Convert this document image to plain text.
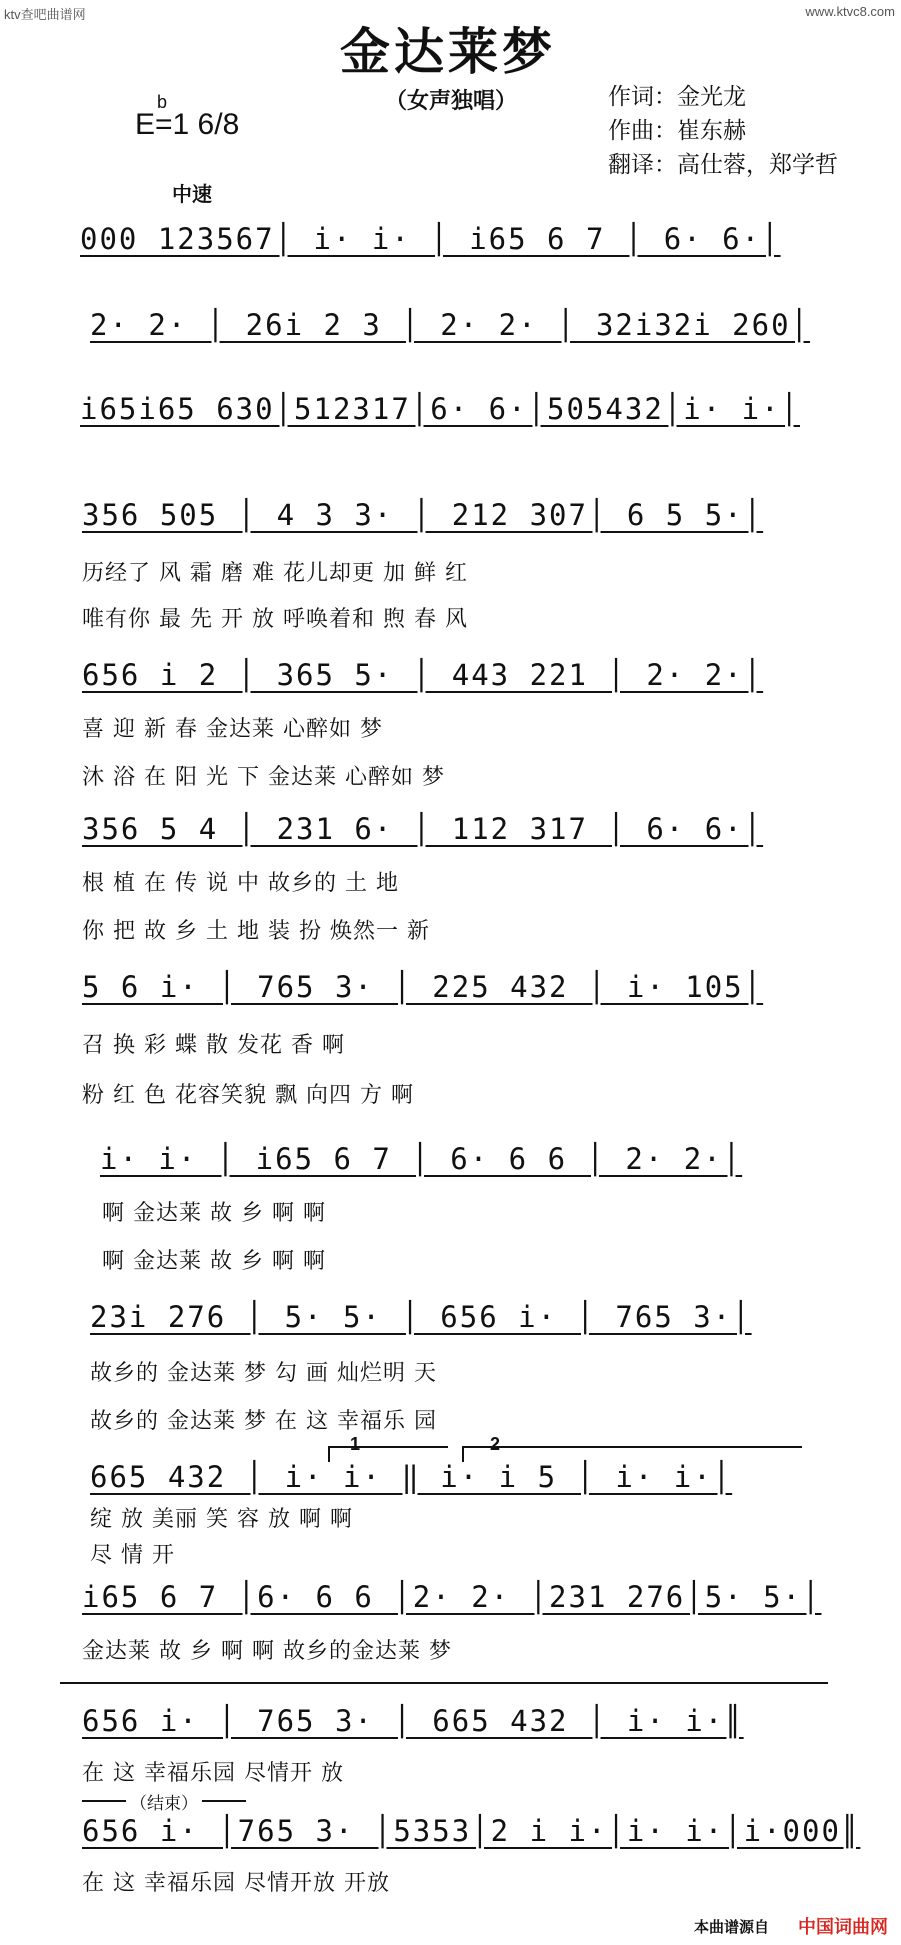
ktv查吧曲谱网	www.ktvc8.com
金达莱梦
（女声独唱）
b
E=1 6/8
中速
作词：金光龙
作曲：崔东赫
翻译：高仕蓉，郑学哲
000 123567│ i· i· │ i65 6 7 │ 6· 6·│
2· 2· │ 26i 2 3 │ 2· 2· │ 32i32i 260│
i65i65 630│512317│6· 6·│505432│i· i·│
356 505 │ 4 3 3· │ 212 307│ 6 5 5·│
历经了 风 霜 磨 难 花儿却更 加 鲜 红
唯有你 最 先 开 放 呼唤着和 煦 春 风
656 i 2 │ 365 5· │ 443 221 │ 2· 2·│
喜 迎 新 春 金达莱 心醉如 梦
沐 浴 在 阳 光 下 金达莱 心醉如 梦
356 5 4 │ 231 6· │ 112 317 │ 6· 6·│
根 植 在 传 说 中 故乡的 土 地
你 把 故 乡 土 地 装 扮 焕然一 新
5 6 i· │ 765 3· │ 225 432 │ i· 105│
召 换 彩 蝶 散 发花 香 啊
粉 红 色 花容笑貌 飘 向四 方 啊
i· i· │ i65 6 7 │ 6· 6 6 │ 2· 2·│
啊 金达莱 故 乡 啊 啊
啊 金达莱 故 乡 啊 啊
23i 276 │ 5· 5· │ 656 i· │ 765 3·│
故乡的 金达莱 梦 勾 画 灿烂明 天
故乡的 金达莱 梦 在 这 幸福乐 园
1	2
665 432 │ i· i· ‖ i· i 5 │ i· i·│
绽 放 美丽 笑 容 放 啊 啊
尽 情 开
i65 6 7 │6· 6 6 │2· 2· │231 276│5· 5·│
金达莱 故 乡 啊 啊 故乡的金达莱 梦
656 i· │ 765 3· │ 665 432 │ i· i·║
在 这 幸福乐园 尽情开 放
（结束）
656 i· │765 3· │5353│2 i i·│i· i·│i·000║
在 这 幸福乐园 尽情开放 开放
本曲谱源自 中国词曲网
